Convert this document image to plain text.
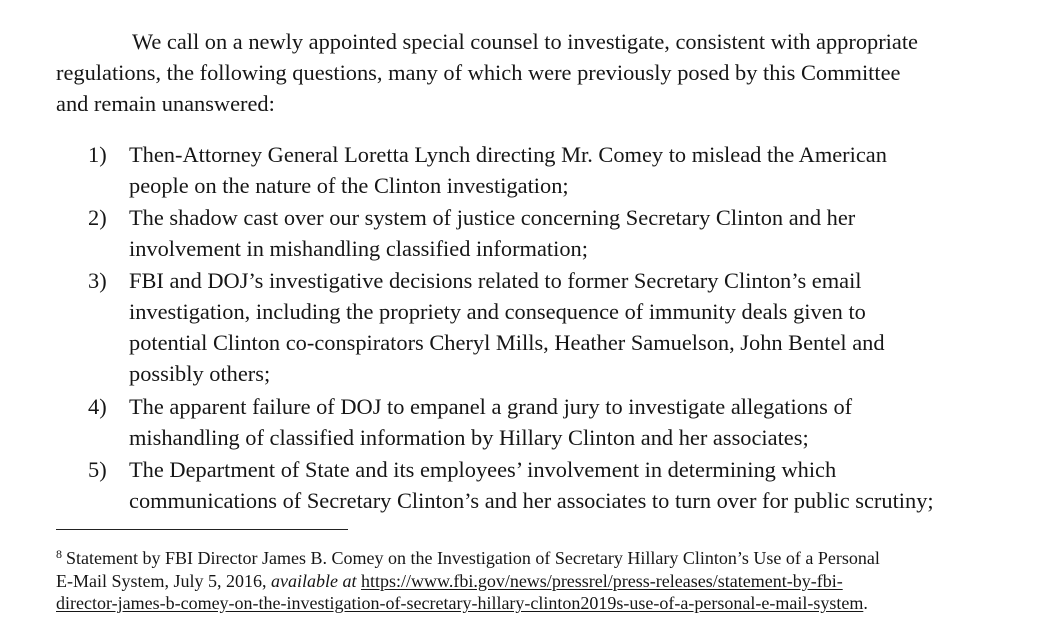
We call on a newly appointed special counsel to investigate, consistent with appropriate
regulations, the following questions, many of which were previously posed by this Committee
and remain unanswered:

1) Then-Attorney General Loretta Lynch directing Mr. Comey to mislead the American
people on the nature of the Clinton investigation;
2) The shadow cast over our system of justice concerning Secretary Clinton and her
involvement in mishandling classified information;
3) FBI and DOJ’s investigative decisions related to former Secretary Clinton’s email
investigation, including the propriety and consequence of immunity deals given to
potential Clinton co-conspirators Cheryl Mills, Heather Samuelson, John Bentel and
possibly others;
4) The apparent failure of DOJ to empanel a grand jury to investigate allegations of
mishandling of classified information by Hillary Clinton and her associates;
5) The Department of State and its employees’ involvement in determining which
communications of Secretary Clinton’s and her associates to turn over for public scrutiny;
$^8$ Statement by FBI Director James B. Comey on the Investigation of Secretary Hillary Clinton’s Use of a Personal
E-Mail System, July 5, 2016, available at https://www.fbi.gov/news/pressrel/press-releases/statement-by-fbi-
director-james-b-comey-on-the-investigation-of-secretary-hillary-clinton2019s-use-of-a-personal-e-mail-system.
